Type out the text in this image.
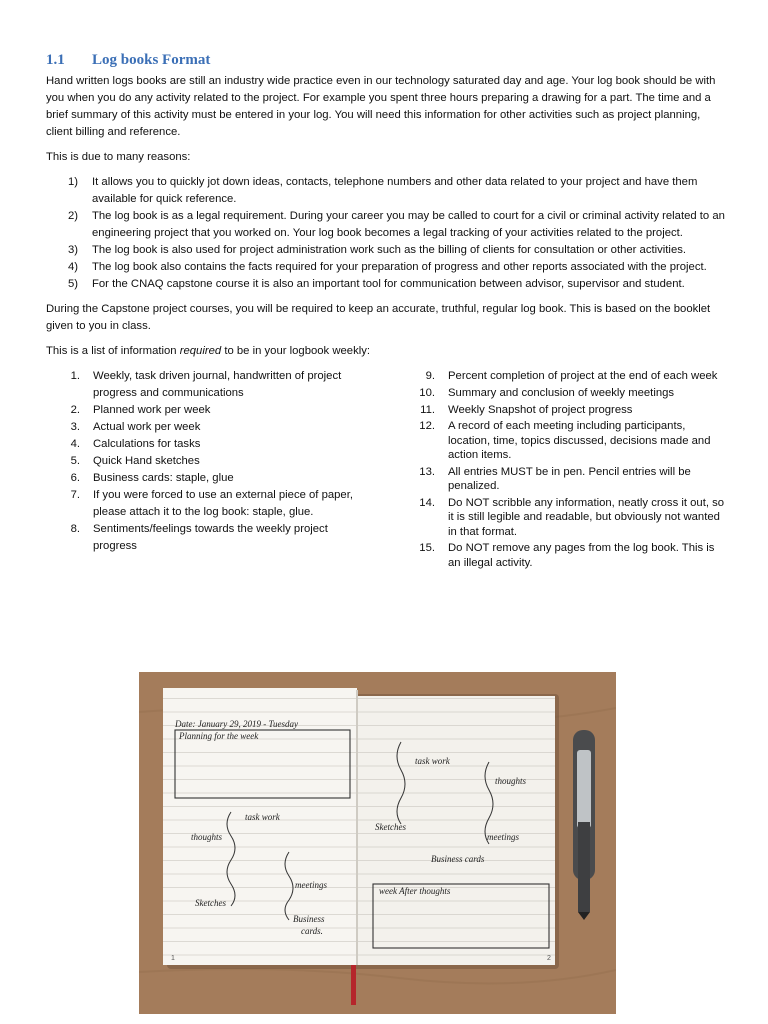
1.1	Log books Format

Hand written logs books are still an industry wide practice even in our technology saturated day and age. Your log book should be with you when you do any activity related to the project. For example you spent three hours preparing a drawing for a part. The time and a brief summary of this activity must be entered in your log. You will need this information for other activities such as project planning, client billing and reference.

This is due to many reasons:

1) It allows you to quickly jot down ideas, contacts, telephone numbers and other data related to your project and have them available for quick reference.
2) The log book is as a legal requirement. During your career you may be called to court for a civil or criminal activity related to an engineering project that you worked on. Your log book becomes a legal tracking of your activities related to the project.
3) The log book is also used for project administration work such as the billing of clients for consultation or other activities.
4) The log book also contains the facts required for your preparation of progress and other reports associated with the project.
5) For the CNAQ capstone course it is also an important tool for communication between advisor, supervisor and student.

During the Capstone project courses, you will be required to keep an accurate, truthful, regular log book. This is based on the booklet given to you in class.

This is a list of information required to be in your logbook weekly:

1. Weekly, task driven journal, handwritten of project progress and communications
2. Planned work per week
3. Actual work per week
4. Calculations for tasks
5. Quick Hand sketches
6. Business cards: staple, glue
7. If you were forced to use an external piece of paper, please attach it to the log book: staple, glue.
8. Sentiments/feelings towards the weekly project progress
9. Percent completion of project at the end of each week
10. Summary and conclusion of weekly meetings
11. Weekly Snapshot of project progress
12. A record of each meeting including participants, location, time, topics discussed, decisions made and action items.
13. All entries MUST be in pen. Pencil entries will be penalized.
14. Do NOT scribble any information, neatly cross it out, so it is still legible and readable, but obviously not wanted in that format.
15. Do NOT remove any pages from the log book. This is an illegal activity.
Date: January 29, 2019 - Tuesday
Planning for the week
task work
thoughts
meetings
Sketches
Business
cards.
1
task work
thoughts
Sketches
meetings
Business cards
week After thoughts
2
